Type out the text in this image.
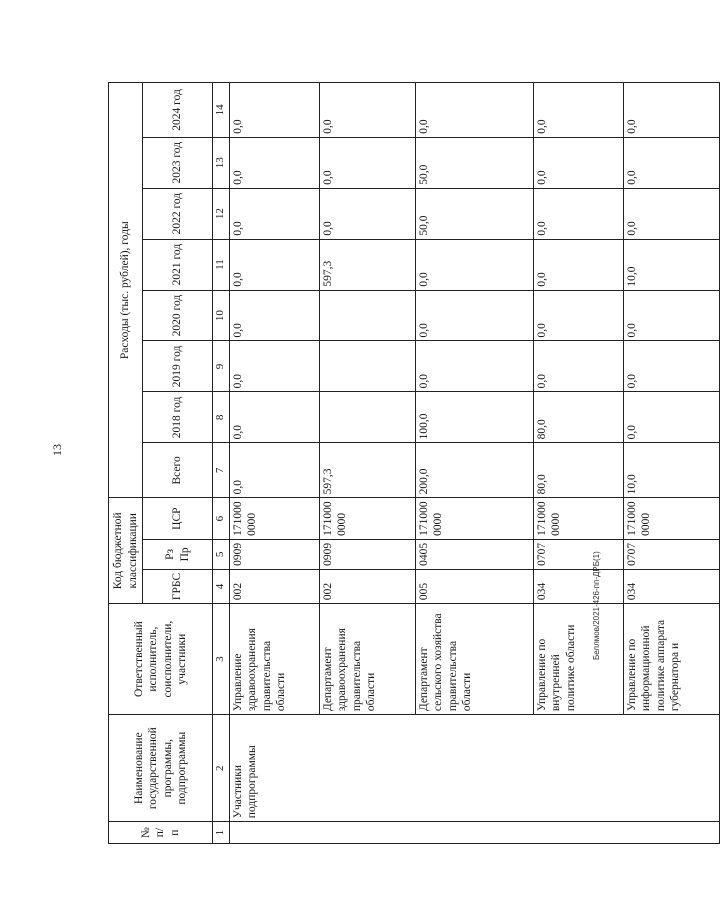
13
Беллмов/2021-426-пп-ДРБ(1)
№ п/п	Наименование государственной программы, подпрограммы	Ответственный исполнитель, соисполнители, участники	Код бюджетной классификации			Расходы (тыс. рублей), годы							
			ГРБС	Рз Пр	ЦСР	Всего	2018 год	2019 год	2020 год	2021 год	2022 год	2023 год	2024 год

1	2	3	4	5	6	7	8	9	10	11	12	13	14
	Участники подпрограммы	Управление здравоохранения правительства области	002	0909	171000 0000	0,0	0,0	0,0	0,0	0,0	0,0	0,0	0,0
		Департамент здравоохранения правительства области	002	0909	171000 0000	597,3				597,3	0,0	0,0	0,0
		Департамент сельского хозяйства правительства области	005	0405	171000 0000	200,0	100,0	0,0	0,0	0,0	50,0	50,0	0,0
		Управление по внутренней политике области	034	0707	171000 0000	80,0	80,0	0,0	0,0	0,0	0,0	0,0	0,0
		Управление по информационной политике аппарата губернатора и	034	0707	171000 0000	10,0	0,0	0,0	0,0	10,0	0,0	0,0	0,0
